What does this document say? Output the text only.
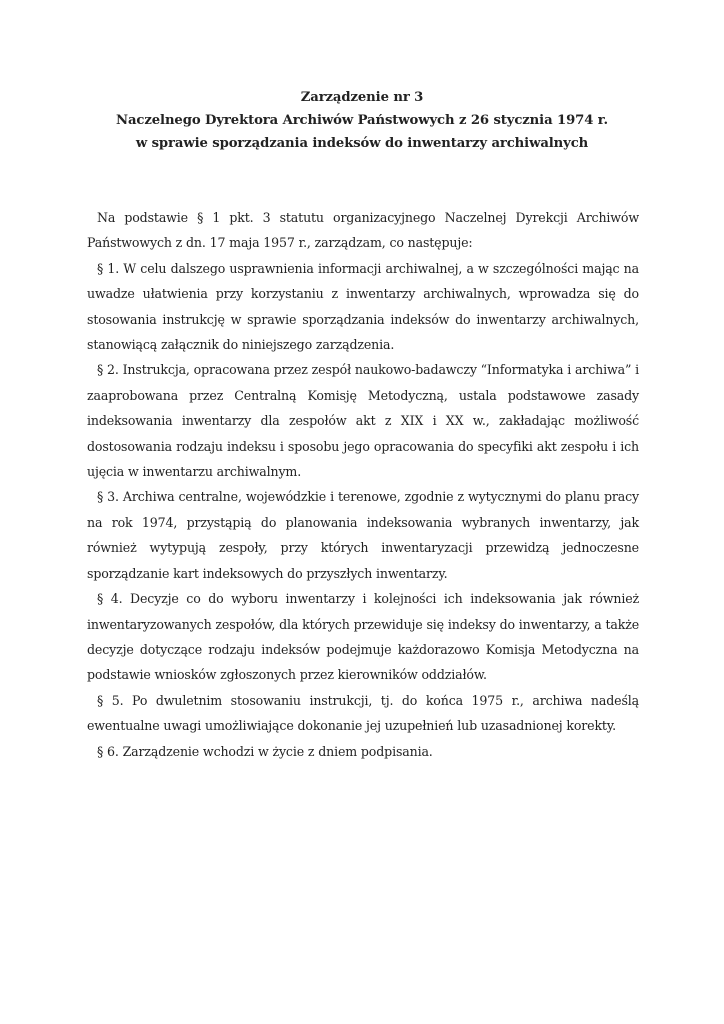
Zarządzenie nr 3
Naczelnego Dyrektora Archiwów Państwowych z 26 stycznia 1974 r.
w sprawie sporządzania indeksów do inwentarzy archiwalnych

Na podstawie § 1 pkt. 3 statutu organizacyjnego Naczelnej Dyrekcji Archiwów Państwowych z dn. 17 maja 1957 r., zarządzam, co następuje:

§ 1. W celu dalszego usprawnienia informacji archiwalnej, a w szczególności mając na uwadze ułatwienia przy korzystaniu z inwentarzy archiwalnych, wprowadza się do stosowania instrukcję w sprawie sporządzania indeksów do inwentarzy archiwalnych, stanowiącą załącznik do niniejszego zarządzenia.

§ 2. Instrukcja, opracowana przez zespół naukowo-badawczy “Informatyka i archiwa” i zaaprobowana przez Centralną Komisję Metodyczną, ustala podstawowe zasady indeksowania inwentarzy dla zespołów akt z XIX i XX w., zakładając możliwość dostosowania rodzaju indeksu i sposobu jego opracowania do specyfiki akt zespołu i ich ujęcia w inwentarzu archiwalnym.

§ 3. Archiwa centralne, wojewódzkie i terenowe, zgodnie z wytycznymi do planu pracy na rok 1974, przystąpią do planowania indeksowania wybranych inwentarzy, jak również wytypują zespoły, przy których inwentaryzacji przewidzą jednoczesne sporządzanie kart indeksowych do przyszłych inwentarzy.

§ 4. Decyzje co do wyboru inwentarzy i kolejności ich indeksowania jak również inwentaryzowanych zespołów, dla których przewiduje się indeksy do inwentarzy, a także decyzje dotyczące rodzaju indeksów podejmuje każdorazowo Komisja Metodyczna na podstawie wniosków zgłoszonych przez kierowników oddziałów.

§ 5. Po dwuletnim stosowaniu instrukcji, tj. do końca 1975 r., archiwa nadeślą ewentualne uwagi umożliwiające dokonanie jej uzupełnień lub uzasadnionej korekty.

§ 6. Zarządzenie wchodzi w życie z dniem podpisania.
